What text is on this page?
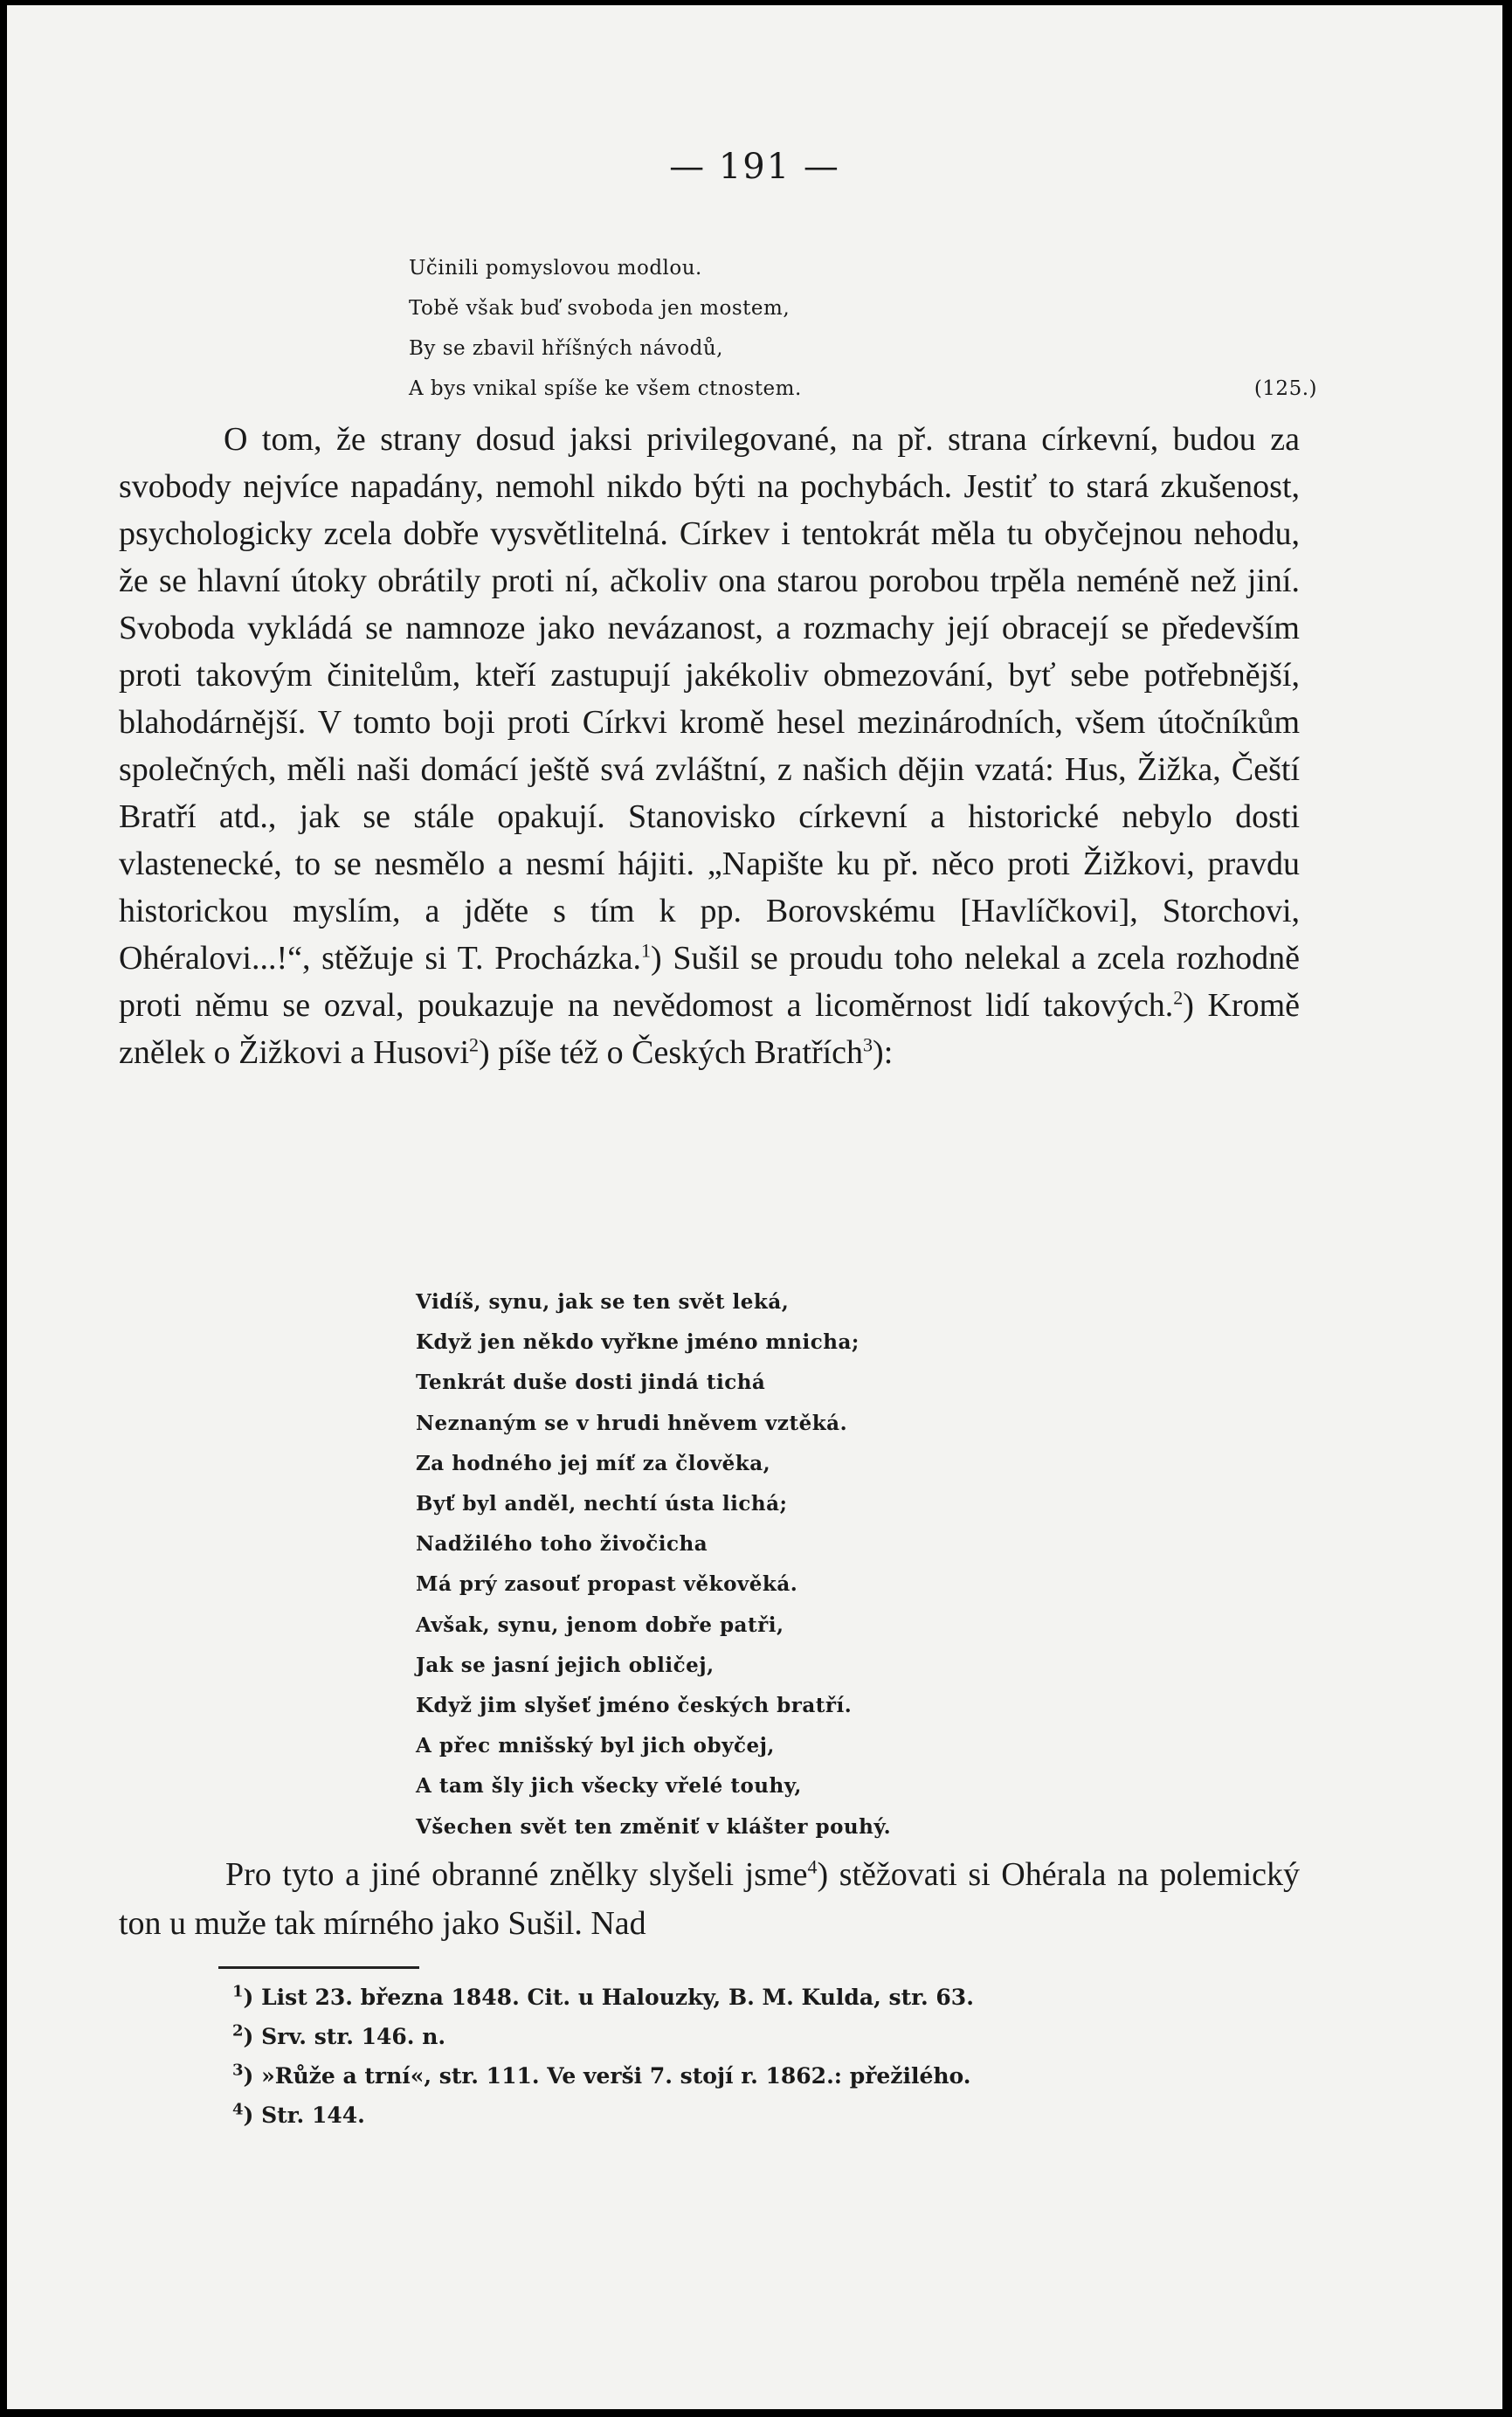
— 191 —
Učinili pomyslovou modlou.
Tobě však buď svoboda jen mostem,
By se zbavil hříšných návodů,
A bys vnikal spíše ke všem ctnostem.	(125.)
O tom, že strany dosud jaksi privilegované, na př. strana církevní, budou za svobody nejvíce napadány, nemohl nikdo býti na pochybách. Jestiť to stará zkušenost, psychologicky zcela dobře vysvětlitelná. Církev i tentokrát měla tu obyčejnou nehodu, že se hlavní útoky obrátily proti ní, ačkoliv ona starou porobou trpěla neméně než jiní. Svoboda vykládá se namnoze jako nevázanost, a rozmachy její obracejí se především proti takovým činitelům, kteří zastupují jakékoliv obmezování, byť sebe potřebnější, blahodárnější. V tomto boji proti Církvi kromě hesel mezinárodních, všem útočníkům společných, měli naši domácí ještě svá zvláštní, z našich dějin vzatá: Hus, Žižka, Čeští Bratří atd., jak se stále opakují. Stanovisko církevní a historické nebylo dosti vlastenecké, to se nesmělo a nesmí hájiti. „Napište ku př. něco proti Žižkovi, pravdu historickou myslím, a jděte s tím k pp. Borovskému [Havlíčkovi], Storchovi, Ohéralovi...!“, stěžuje si T. Procházka.$^1$) Sušil se proudu toho nelekal a zcela rozhodně proti němu se ozval, poukazuje na nevědomost a licoměrnost lidí takových.$^2$) Kromě znělek o Žižkovi a Husovi$^2$) píše též o Českých Bratřích$^3$):
Vidíš, synu, jak se ten svět leká,
Když jen někdo vyřkne jméno mnicha;
Tenkrát duše dosti jindá tichá
Neznaným se v hrudi hněvem vztěká.
Za hodného jej míť za člověka,
Byť byl anděl, nechtí ústa lichá;
Nadžilého toho živočicha
Má prý zasouť propast věkověká.
Avšak, synu, jenom dobře patři,
Jak se jasní jejich obličej,
Když jim slyšeť jméno českých bratří.
A přec mnišský byl jich obyčej,
A tam šly jich všecky vřelé touhy,
Všechen svět ten změniť v klášter pouhý.
Pro tyto a jiné obranné znělky slyšeli jsme$^4$) stěžovati si Ohérala na polemický ton u muže tak mírného jako Sušil. Nad
$^1$) List 23. března 1848. Cit. u Halouzky, B. M. Kulda, str. 63.
$^2$) Srv. str. 146. n.
$^3$) »Růže a trní«, str. 111. Ve verši 7. stojí r. 1862.: přežilého.
$^4$) Str. 144.
